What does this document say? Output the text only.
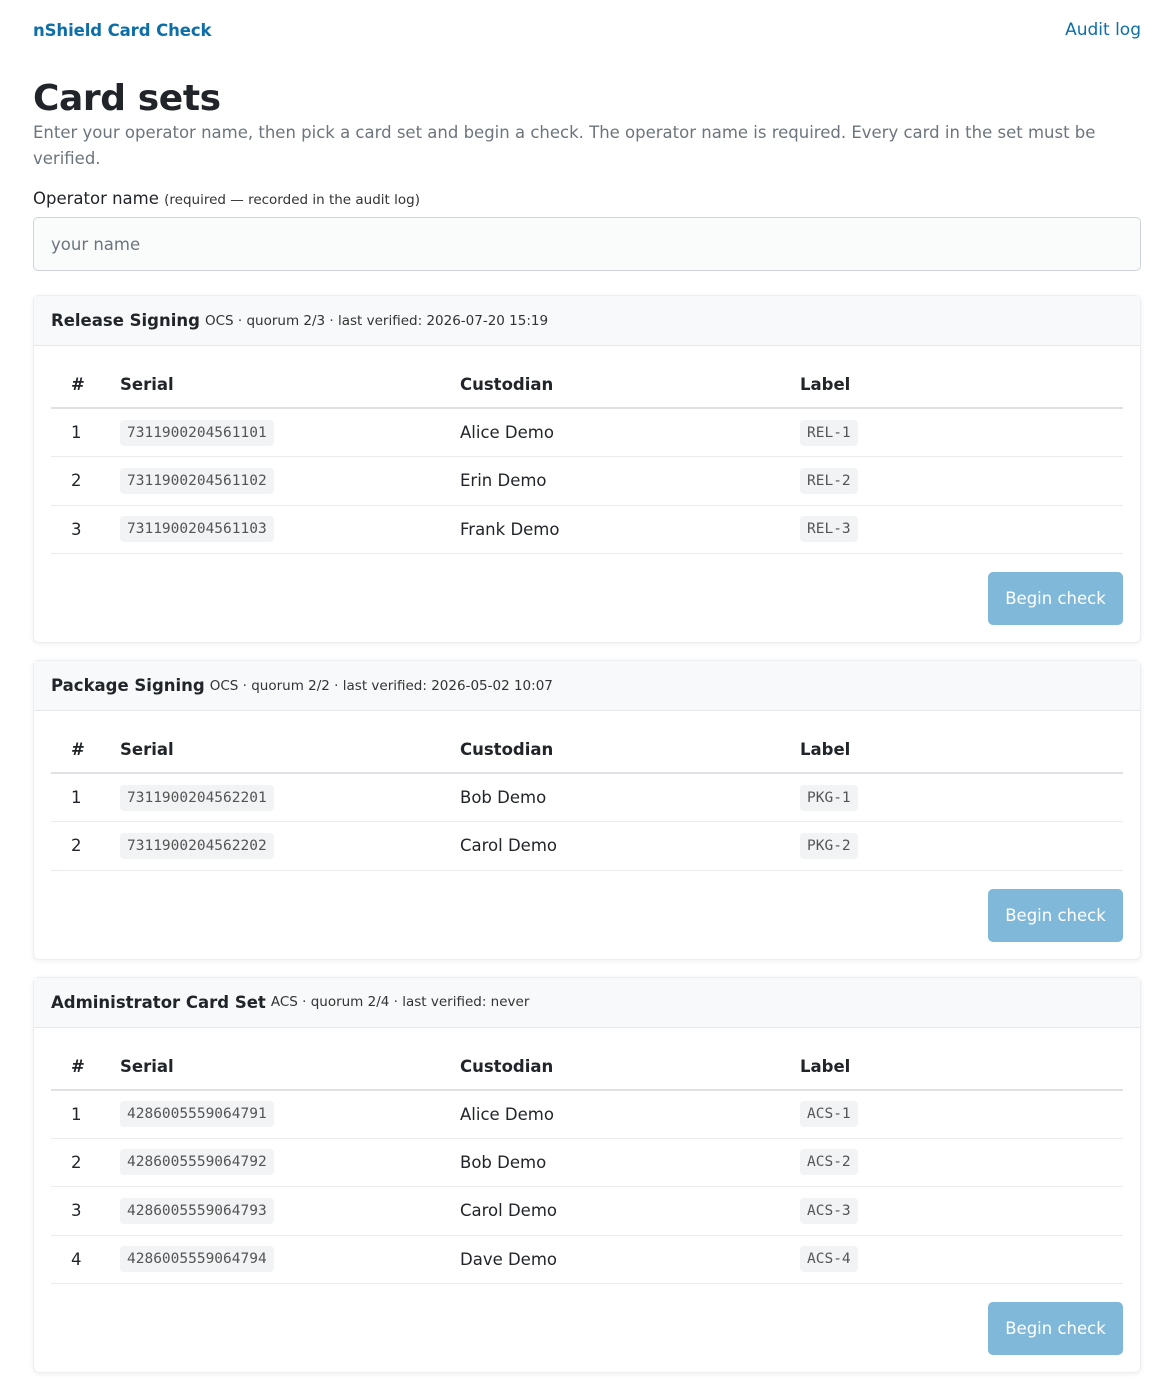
nShield Card Check	Audit log
Card sets

Enter your operator name, then pick a card set and begin a check. The operator name is required. Every card in the set must be verified.

Operator name (required — recorded in the audit log)
your name
Release Signing OCS · quorum 2/3 · last verified: 2026-07-20 15:19
#	Serial	Custodian	Label
1	7311900204561101	Alice Demo	REL-1
2	7311900204561102	Erin Demo	REL-2
3	7311900204561103	Frank Demo	REL-3
Begin check
Package Signing OCS · quorum 2/2 · last verified: 2026-05-02 10:07
#	Serial	Custodian	Label
1	7311900204562201	Bob Demo	PKG-1
2	7311900204562202	Carol Demo	PKG-2
Begin check
Administrator Card Set ACS · quorum 2/4 · last verified: never
#	Serial	Custodian	Label
1	4286005559064791	Alice Demo	ACS-1
2	4286005559064792	Bob Demo	ACS-2
3	4286005559064793	Carol Demo	ACS-3
4	4286005559064794	Dave Demo	ACS-4
Begin check
